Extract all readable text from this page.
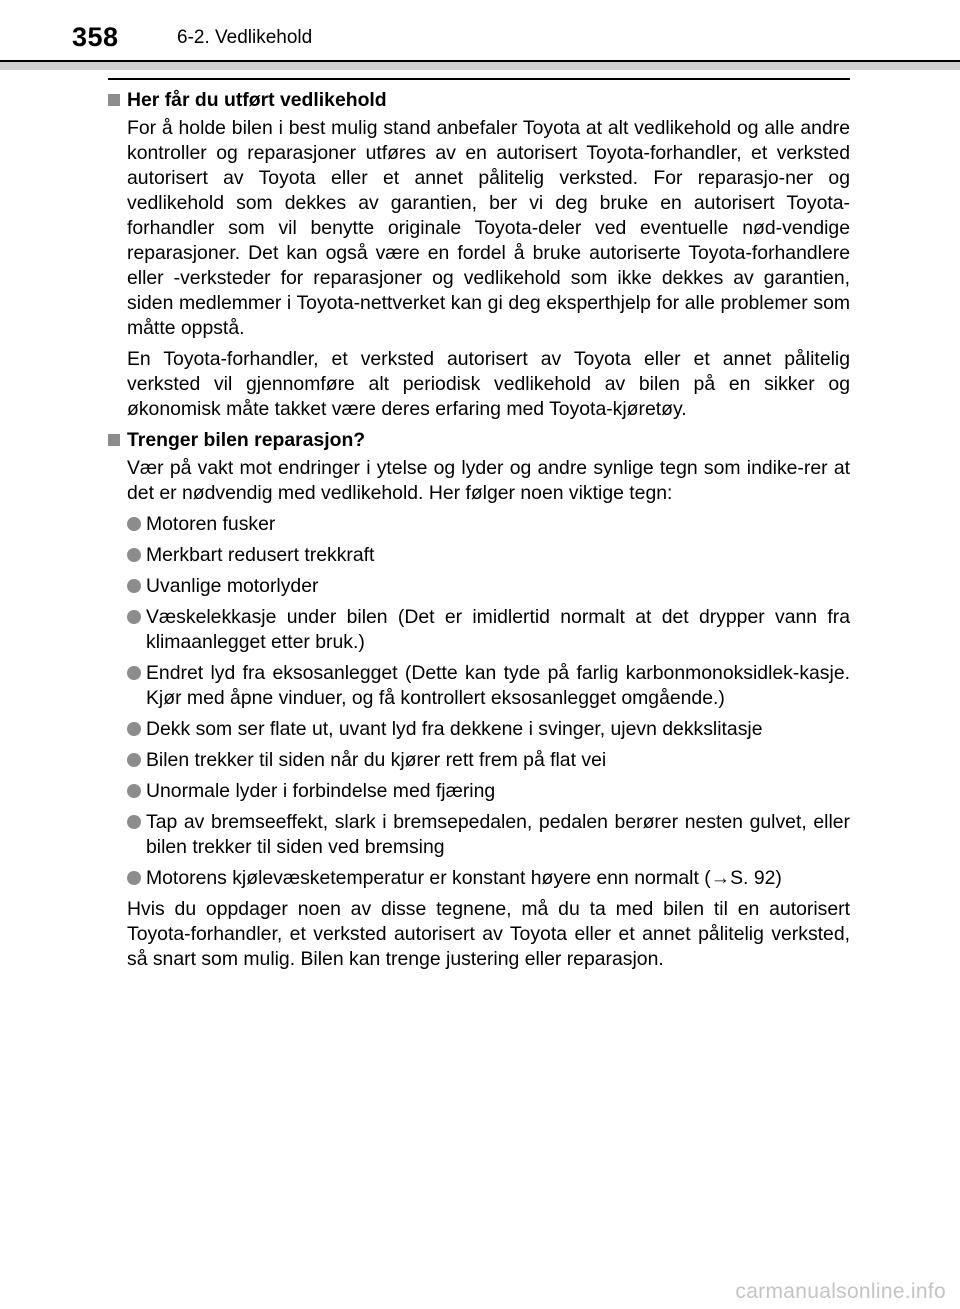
358	6-2. Vedlikehold
Her får du utført vedlikehold

For å holde bilen i best mulig stand anbefaler Toyota at alt vedlikehold og alle andre kontroller og reparasjoner utføres av en autorisert Toyota-forhandler, et verksted autorisert av Toyota eller et annet pålitelig verksted. For reparasjo-ner og vedlikehold som dekkes av garantien, ber vi deg bruke en autorisert Toyota-forhandler som vil benytte originale Toyota-deler ved eventuelle nød-vendige reparasjoner. Det kan også være en fordel å bruke autoriserte Toyota-forhandlere eller -verksteder for reparasjoner og vedlikehold som ikke dekkes av garantien, siden medlemmer i Toyota-nettverket kan gi deg eksperthjelp for alle problemer som måtte oppstå.

En Toyota-forhandler, et verksted autorisert av Toyota eller et annet pålitelig verksted vil gjennomføre alt periodisk vedlikehold av bilen på en sikker og økonomisk måte takket være deres erfaring med Toyota-kjøretøy.

Trenger bilen reparasjon?

Vær på vakt mot endringer i ytelse og lyder og andre synlige tegn som indike-rer at det er nødvendig med vedlikehold. Her følger noen viktige tegn:

Motoren fusker
Merkbart redusert trekkraft
Uvanlige motorlyder
Væskelekkasje under bilen (Det er imidlertid normalt at det drypper vann fra klimaanlegget etter bruk.)
Endret lyd fra eksosanlegget (Dette kan tyde på farlig karbonmonoksidlek-kasje. Kjør med åpne vinduer, og få kontrollert eksosanlegget omgående.)
Dekk som ser flate ut, uvant lyd fra dekkene i svinger, ujevn dekkslitasje
Bilen trekker til siden når du kjører rett frem på flat vei
Unormale lyder i forbindelse med fjæring
Tap av bremseeffekt, slark i bremsepedalen, pedalen berører nesten gulvet, eller bilen trekker til siden ved bremsing
Motorens kjølevæsketemperatur er konstant høyere enn normalt (→S. 92)

Hvis du oppdager noen av disse tegnene, må du ta med bilen til en autorisert Toyota-forhandler, et verksted autorisert av Toyota eller et annet pålitelig verksted, så snart som mulig. Bilen kan trenge justering eller reparasjon.

carmanualsonline.info
